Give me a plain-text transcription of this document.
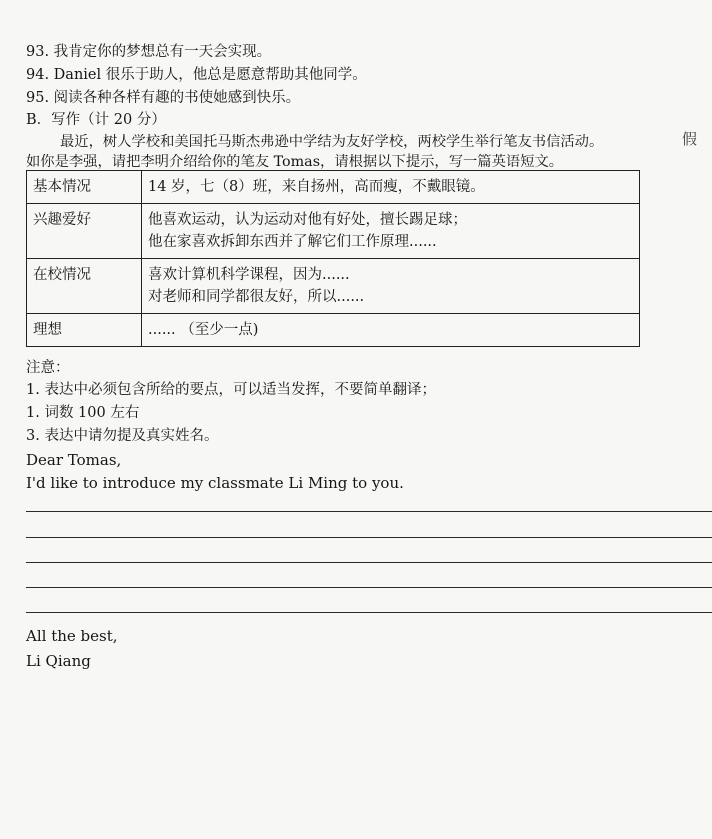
93. 我肯定你的梦想总有一天会实现。
94. Daniel 很乐于助人，他总是愿意帮助其他同学。
95. 阅读各种各样有趣的书使她感到快乐。
B．写作（计 20 分）
最近，树人学校和美国托马斯杰弗逊中学结为友好学校，两校学生举行笔友书信活动。
如你是李强，请把李明介绍给你的笔友 Tomas，请根据以下提示，写一篇英语短文。
假
基本情况	14 岁，七（8）班，来自扬州，高而瘦，不戴眼镜。

兴趣爱好	他喜欢运动，认为运动对他有好处，擅长踢足球；
他在家喜欢拆卸东西并了解它们工作原理......

在校情况	喜欢计算机科学课程，因为......
对老师和同学都很友好，所以......

理想	...... （至少一点)
注意：
1. 表达中必须包含所给的要点，可以适当发挥，不要简单翻译；
1. 词数 100 左右
3. 表达中请勿提及真实姓名。
Dear Tomas,
I'd like to introduce my classmate Li Ming to you.
All the best,
Li Qiang
